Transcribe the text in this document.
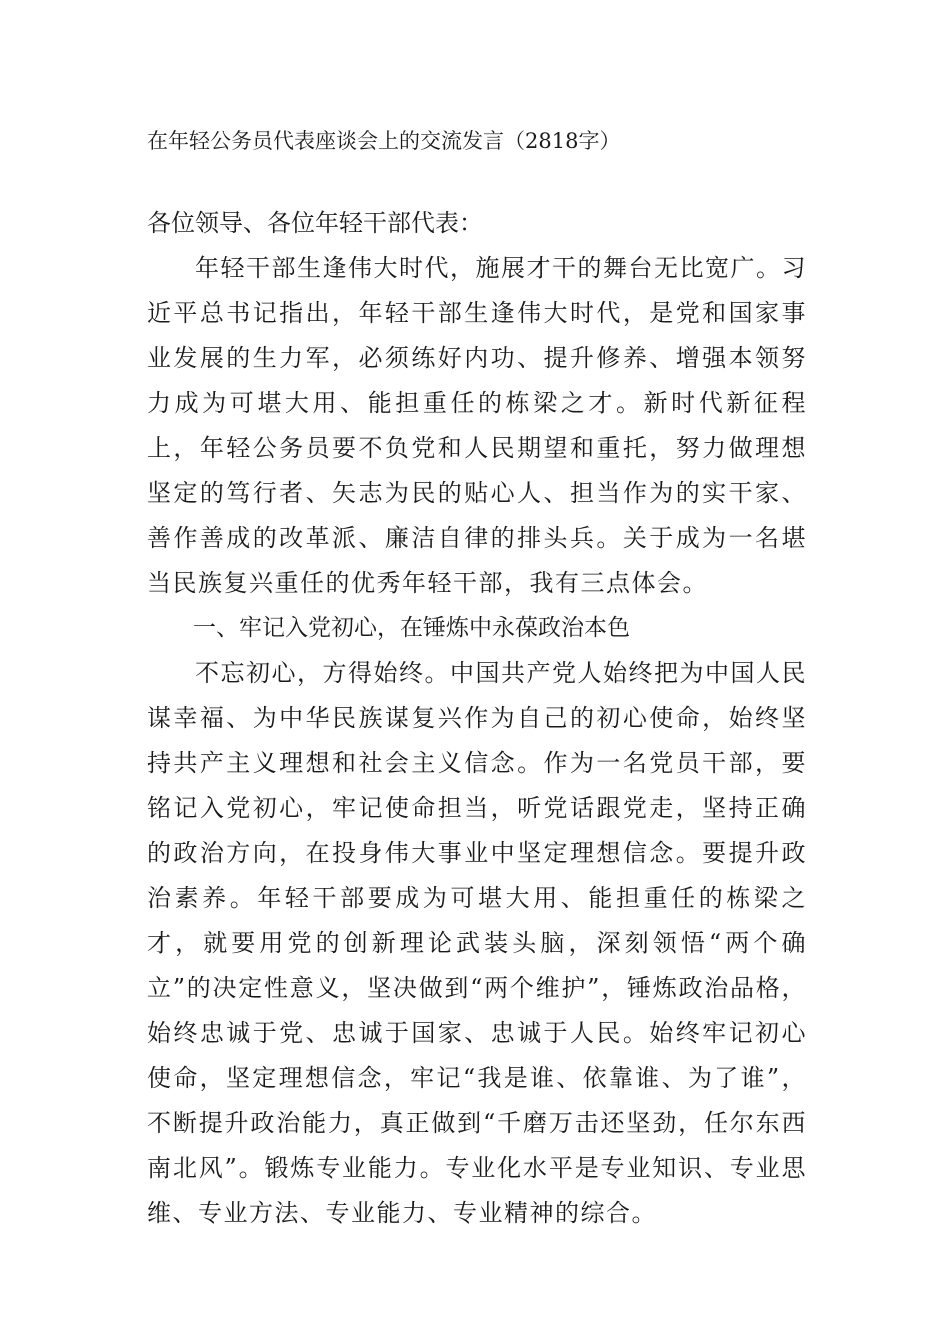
在年轻公务员代表座谈会上的交流发言（2818字）

各位领导、各位年轻干部代表：

年轻干部生逢伟大时代，施展才干的舞台无比宽广。习近平总书记指出，年轻干部生逢伟大时代，是党和国家事业发展的生力军，必须练好内功、提升修养、增强本领努力成为可堪大用、能担重任的栋梁之才。新时代新征程上，年轻公务员要不负党和人民期望和重托，努力做理想坚定的笃行者、矢志为民的贴心人、担当作为的实干家、善作善成的改革派、廉洁自律的排头兵。关于成为一名堪当民族复兴重任的优秀年轻干部，我有三点体会。

一、牢记入党初心，在锤炼中永葆政治本色

不忘初心，方得始终。中国共产党人始终把为中国人民谋幸福、为中华民族谋复兴作为自己的初心使命，始终坚持共产主义理想和社会主义信念。作为一名党员干部，要铭记入党初心，牢记使命担当，听党话跟党走，坚持正确的政治方向，在投身伟大事业中坚定理想信念。要提升政治素养。年轻干部要成为可堪大用、能担重任的栋梁之才，就要用党的创新理论武装头脑，深刻领悟“两个确立”的决定性意义，坚决做到“两个维护”，锤炼政治品格，始终忠诚于党、忠诚于国家、忠诚于人民。始终牢记初心使命，坚定理想信念，牢记“我是谁、依靠谁、为了谁”，不断提升政治能力，真正做到“千磨万击还坚劲，任尔东西南北风”。锻炼专业能力。专业化水平是专业知识、专业思维、专业方法、专业能力、专业精神的综合。
